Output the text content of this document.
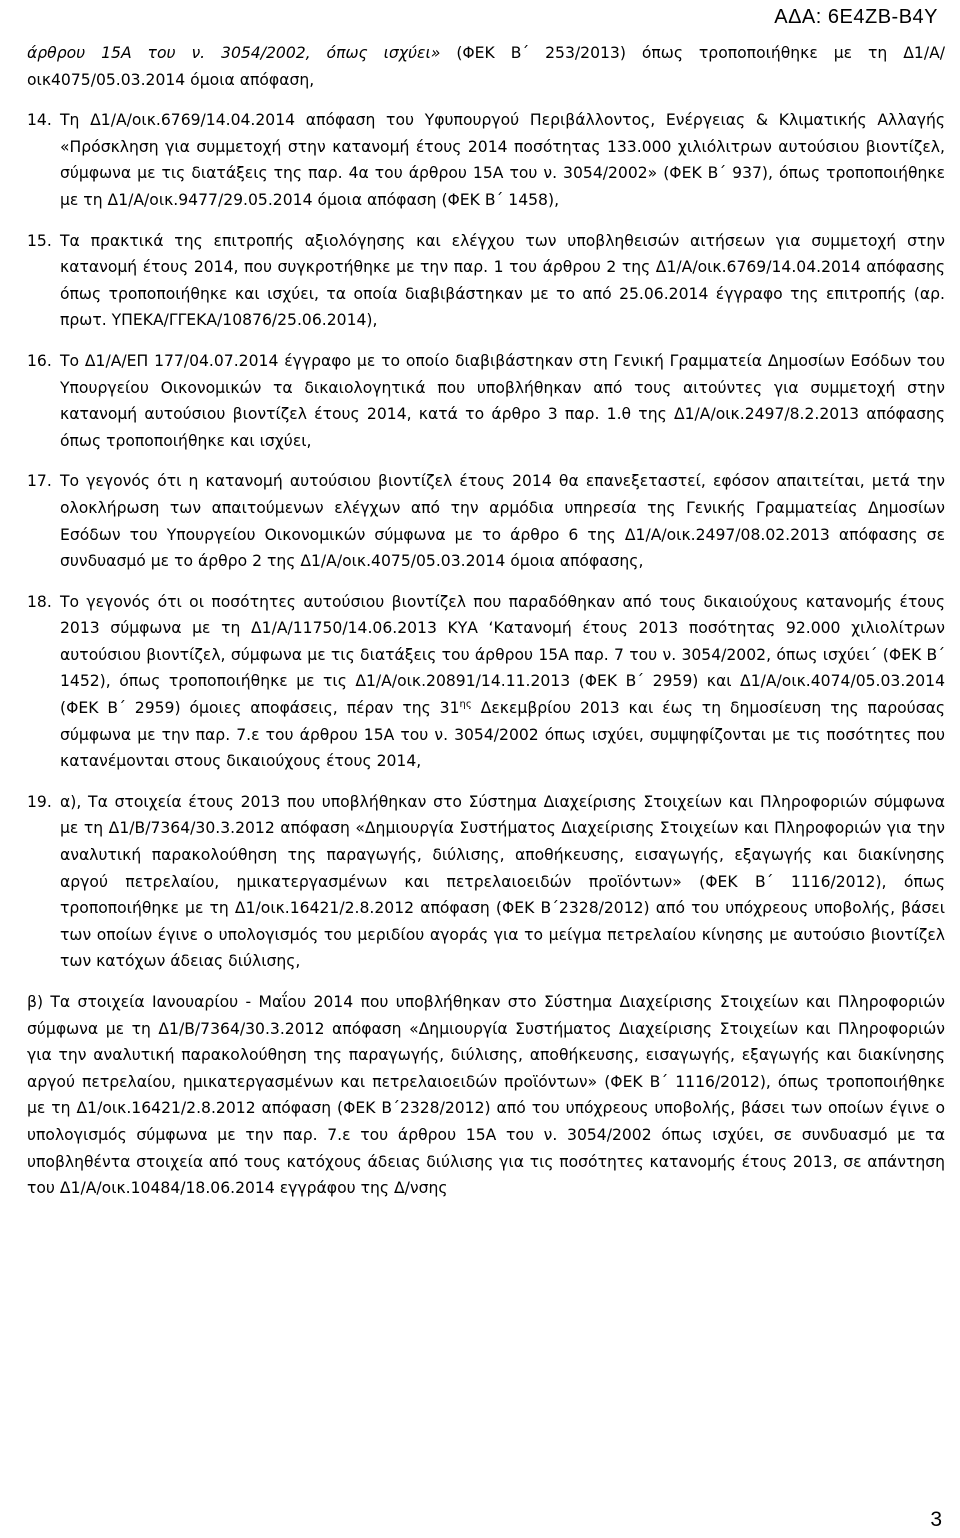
ΑΔΑ: 6Ε4ΖΒ-Β4Υ

άρθρου 15Α του ν. 3054/2002, όπως ισχύει» (ΦΕΚ Β΄ 253/2013) όπως τροποποιήθηκε με τη Δ1/Α/οικ4075/05.03.2014 όμοια απόφαση,

14. Τη Δ1/Α/οικ.6769/14.04.2014 απόφαση του Υφυπουργού Περιβάλλοντος, Ενέργειας & Κλιματικής Αλλαγής «Πρόσκληση για συμμετοχή στην κατανομή έτους 2014 ποσότητας 133.000 χιλιόλιτρων αυτούσιου βιοντίζελ, σύμφωνα με τις διατάξεις της παρ. 4α του άρθρου 15Α του ν. 3054/2002» (ΦΕΚ Β΄ 937), όπως τροποποιήθηκε με τη Δ1/Α/οικ.9477/29.05.2014 όμοια απόφαση (ΦΕΚ Β΄ 1458),
15. Τα πρακτικά της επιτροπής αξιολόγησης και ελέγχου των υποβληθεισών αιτήσεων για συμμετοχή στην κατανομή έτους 2014, που συγκροτήθηκε με την παρ. 1 του άρθρου 2 της Δ1/Α/οικ.6769/14.04.2014 απόφασης όπως τροποποιήθηκε και ισχύει, τα οποία διαβιβάστηκαν με το από 25.06.2014 έγγραφο της επιτροπής (αρ. πρωτ. ΥΠΕΚΑ/ΓΓΕΚΑ/10876/25.06.2014),
16. Το Δ1/Α/ΕΠ 177/04.07.2014 έγγραφο με το οποίο διαβιβάστηκαν στη Γενική Γραμματεία Δημοσίων Εσόδων του Υπουργείου Οικονομικών τα δικαιολογητικά που υποβλήθηκαν από τους αιτούντες για συμμετοχή στην κατανομή αυτούσιου βιοντίζελ έτους 2014, κατά το άρθρο 3 παρ. 1.θ της Δ1/Α/οικ.2497/8.2.2013 απόφασης όπως τροποποιήθηκε και ισχύει,
17. Το γεγονός ότι η κατανομή αυτούσιου βιοντίζελ έτους 2014 θα επανεξεταστεί, εφόσον απαιτείται, μετά την ολοκλήρωση των απαιτούμενων ελέγχων από την αρμόδια υπηρεσία της Γενικής Γραμματείας Δημοσίων Εσόδων του Υπουργείου Οικονομικών σύμφωνα με το άρθρο 6 της Δ1/Α/οικ.2497/08.02.2013 απόφασης σε συνδυασμό με το άρθρο 2 της Δ1/Α/οικ.4075/05.03.2014 όμοια απόφασης,
18. Το γεγονός ότι οι ποσότητες αυτούσιου βιοντίζελ που παραδόθηκαν από τους δικαιούχους κατανομής έτους 2013 σύμφωνα με τη Δ1/Α/11750/14.06.2013 ΚΥΑ ‘Κατανομή έτους 2013 ποσότητας 92.000 χιλιολίτρων αυτούσιου βιοντίζελ, σύμφωνα με τις διατάξεις του άρθρου 15Α παρ. 7 του ν. 3054/2002, όπως ισχύει΄ (ΦΕΚ Β΄ 1452), όπως τροποποιήθηκε με τις Δ1/Α/οικ.20891/14.11.2013 (ΦΕΚ Β΄ 2959) και Δ1/Α/οικ.4074/05.03.2014 (ΦΕΚ Β΄ 2959) όμοιες αποφάσεις, πέραν της $31^{\eta\varsigma}$ Δεκεμβρίου 2013 και έως τη δημοσίευση της παρούσας σύμφωνα με την παρ. 7.ε του άρθρου 15Α του ν. 3054/2002 όπως ισχύει, συμψηφίζονται με τις ποσότητες που κατανέμονται στους δικαιούχους έτους 2014,
19. α), Τα στοιχεία έτους 2013 που υποβλήθηκαν στο Σύστημα Διαχείρισης Στοιχείων και Πληροφοριών σύμφωνα με τη Δ1/Β/7364/30.3.2012 απόφαση «Δημιουργία Συστήματος Διαχείρισης Στοιχείων και Πληροφοριών για την αναλυτική παρακολούθηση της παραγωγής, διύλισης, αποθήκευσης, εισαγωγής, εξαγωγής και διακίνησης αργού πετρελαίου, ημικατεργασμένων και πετρελαιοειδών προϊόντων» (ΦΕΚ Β΄ 1116/2012), όπως τροποποιήθηκε με τη Δ1/οικ.16421/2.8.2012 απόφαση (ΦΕΚ Β΄2328/2012) από του υπόχρεους υποβολής, βάσει των οποίων έγινε ο υπολογισμός του μεριδίου αγοράς για το μείγμα πετρελαίου κίνησης με αυτούσιο βιοντίζελ των κατόχων άδειας διύλισης,

β) Τα στοιχεία Ιανουαρίου - Μαΐου 2014 που υποβλήθηκαν στο Σύστημα Διαχείρισης Στοιχείων και Πληροφοριών σύμφωνα με τη Δ1/Β/7364/30.3.2012 απόφαση «Δημιουργία Συστήματος Διαχείρισης Στοιχείων και Πληροφοριών για την αναλυτική παρακολούθηση της παραγωγής, διύλισης, αποθήκευσης, εισαγωγής, εξαγωγής και διακίνησης αργού πετρελαίου, ημικατεργασμένων και πετρελαιοειδών προϊόντων» (ΦΕΚ Β΄ 1116/2012), όπως τροποποιήθηκε με τη Δ1/οικ.16421/2.8.2012 απόφαση (ΦΕΚ Β΄2328/2012) από του υπόχρεους υποβολής, βάσει των οποίων έγινε ο υπολογισμός σύμφωνα με την παρ. 7.ε του άρθρου 15Α του ν. 3054/2002 όπως ισχύει, σε συνδυασμό με τα υποβληθέντα στοιχεία από τους κατόχους άδειας διύλισης για τις ποσότητες κατανομής έτους 2013, σε απάντηση του Δ1/Α/οικ.10484/18.06.2014 εγγράφου της Δ/νσης

3
